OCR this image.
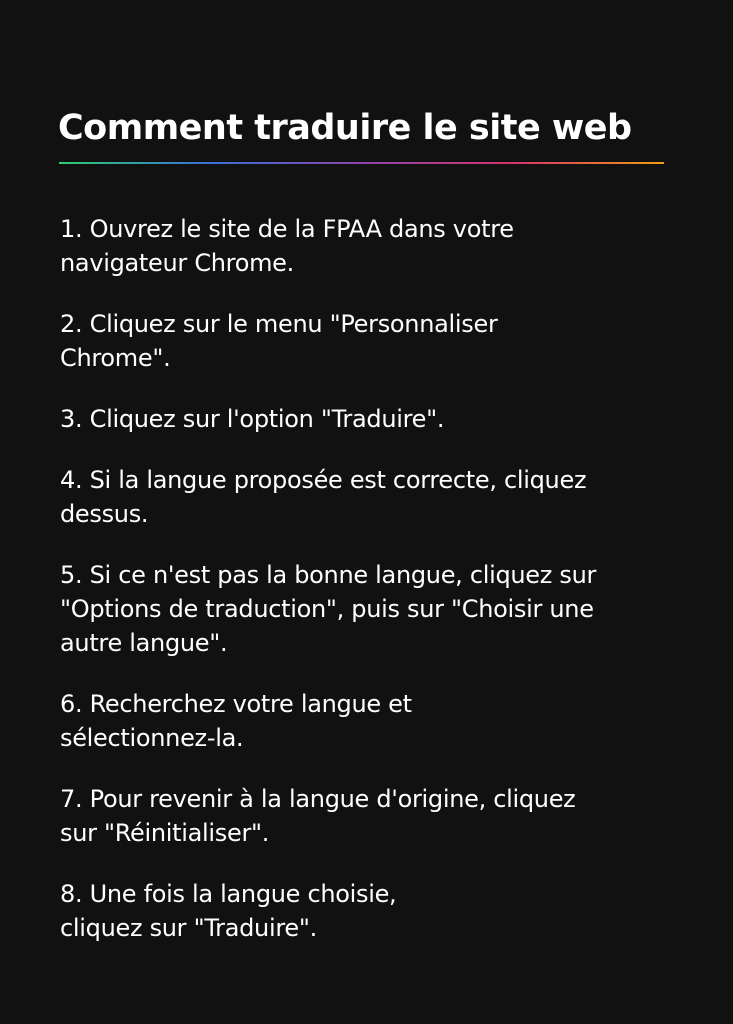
Comment traduire le site web
1. Ouvrez le site de la FPAA dans votre
navigateur Chrome.
2. Cliquez sur le menu "Personnaliser
Chrome".
3. Cliquez sur l'option "Traduire".
4. Si la langue proposée est correcte, cliquez
dessus.
5. Si ce n'est pas la bonne langue, cliquez sur
"Options de traduction", puis sur "Choisir une
autre langue".
6. Recherchez votre langue et
sélectionnez-la.
7. Pour revenir à la langue d'origine, cliquez
sur "Réinitialiser".
8. Une fois la langue choisie,
cliquez sur "Traduire".
